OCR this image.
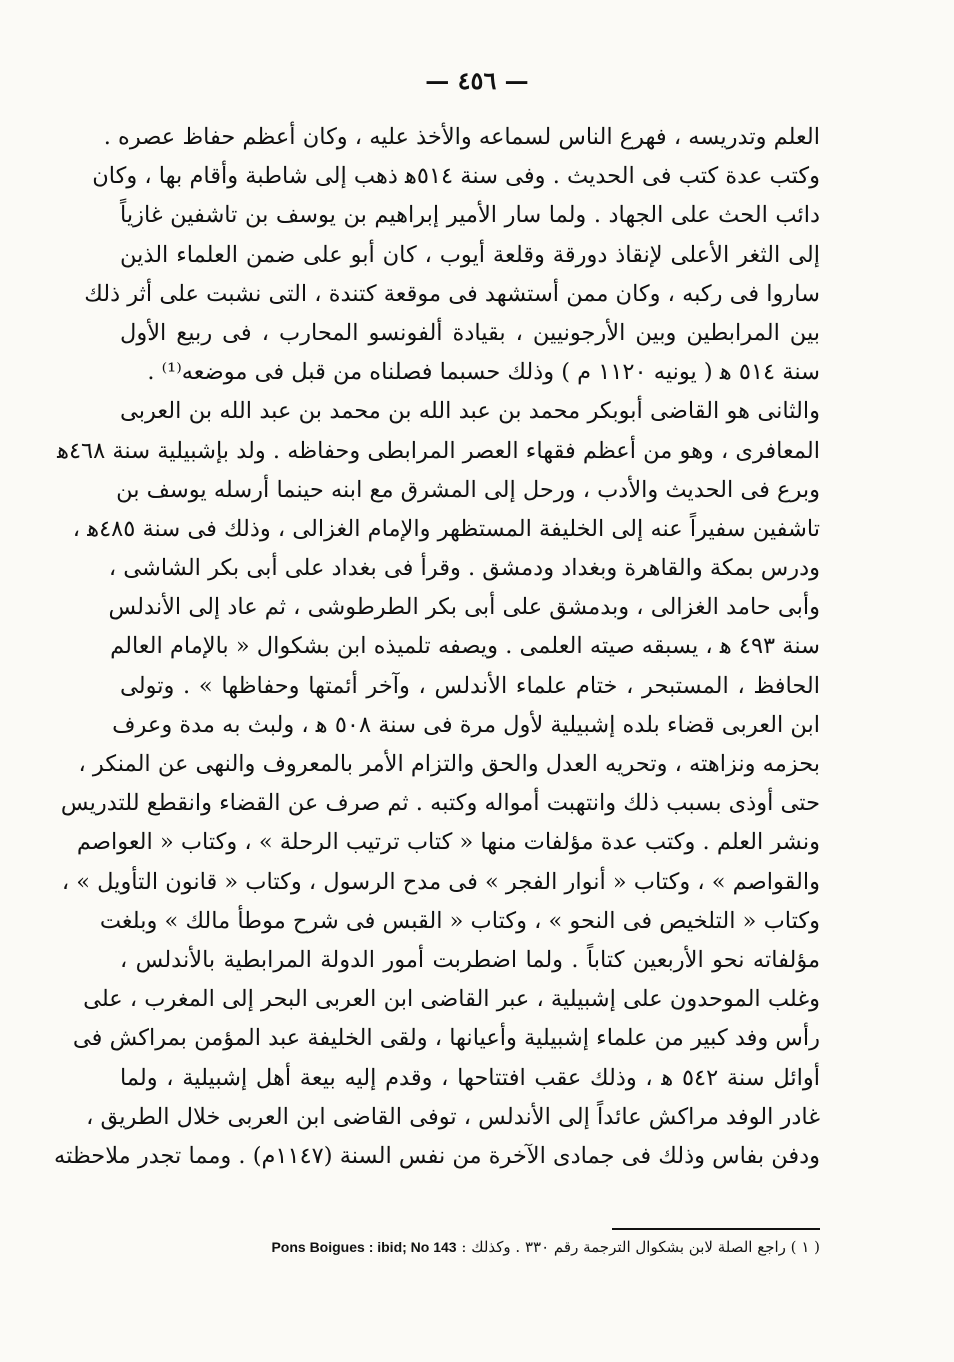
— ٤٥٦ —
العلم وتدريسه ، فهرع الناس لسماعه والأخذ عليه ، وكان أعظم حفاظ عصره .
وكتب عدة كتب فى الحديث . وفى سنة ٥١٤ﻫ ذهب إلى شاطبة وأقام بها ، وكان
دائب الحث على الجهاد . ولما سار الأمير إبراهيم بن يوسف بن تاشفين غازياً
إلى الثغر الأعلى لإنقاذ دورقة وقلعة أيوب ، كان أبو على ضمن العلماء الذين
ساروا فى ركبه ، وكان ممن أستشهد فى موقعة كتندة ، التى نشبت على أثر ذلك
بين المرابطين وبين الأرجونيين ، بقيادة ألفونسو المحارب ، فى ربيع الأول
سنة ٥١٤ ﻫ ( يونيه ١١٢٠ م ) وذلك حسبما فصلناه من قبل فى موضعه⁽¹⁾ .
والثانى هو القاضى أبوبكر محمد بن عبد الله بن محمد بن عبد الله بن العربى
المعافرى ، وهو من أعظم فقهاء العصر المرابطى وحفاظه . ولد بإشبيلية سنة ٤٦٨ﻫ
وبرع فى الحديث والأدب ، ورحل إلى المشرق مع ابنه حينما أرسله يوسف بن
تاشفين سفيراً عنه إلى الخليفة المستظهر والإمام الغزالى ، وذلك فى سنة ٤٨٥ﻫ ،
ودرس بمكة والقاهرة وبغداد ودمشق . وقرأ فى بغداد على أبى بكر الشاشى ،
وأبى حامد الغزالى ، وبدمشق على أبى بكر الطرطوشى ، ثم عاد إلى الأندلس
سنة ٤٩٣ ﻫ ، يسبقه صيته العلمى . ويصفه تلميذه ابن بشكوال « بالإمام العالم
الحافظ ، المستبحر ، ختام علماء الأندلس ، وآخر أئمتها وحفاظها » . وتولى
ابن العربى قضاء بلده إشبيلية لأول مرة فى سنة ٥٠٨ ﻫ ، ولبث به مدة وعرف
بحزمه ونزاهته ، وتحريه العدل والحق والتزام الأمر بالمعروف والنهى عن المنكر ،
حتى أوذى بسبب ذلك وانتهبت أمواله وكتبه . ثم صرف عن القضاء وانقطع للتدريس
ونشر العلم . وكتب عدة مؤلفات منها « كتاب ترتيب الرحلة » ، وكتاب « العواصم
والقواصم » ، وكتاب « أنوار الفجر » فى مدح الرسول ، وكتاب « قانون التأويل » ،
وكتاب « التلخيص فى النحو » ، وكتاب « القبس فى شرح موطأ مالك » وبلغت
مؤلفاته نحو الأربعين كتاباً . ولما اضطربت أمور الدولة المرابطية بالأندلس ،
وغلب الموحدون على إشبيلية ، عبر القاضى ابن العربى البحر إلى المغرب ، على
رأس وفد كبير من علماء إشبيلية وأعيانها ، ولقى الخليفة عبد المؤمن بمراكش فى
أوائل سنة ٥٤٢ ﻫ ، وذلك عقب افتتاحها ، وقدم إليه بيعة أهل إشبيلية ، ولما
غادر الوفد مراكش عائداً إلى الأندلس ، توفى القاضى ابن العربى خلال الطريق ،
ودفن بفاس وذلك فى جمادى الآخرة من نفس السنة (١١٤٧م) . ومما تجدر ملاحظته
( ١ ) راجع الصلة لابن بشكوال الترجمة رقم ٣٣٠ . وكذلك : Pons Boigues : ibid; No 143
